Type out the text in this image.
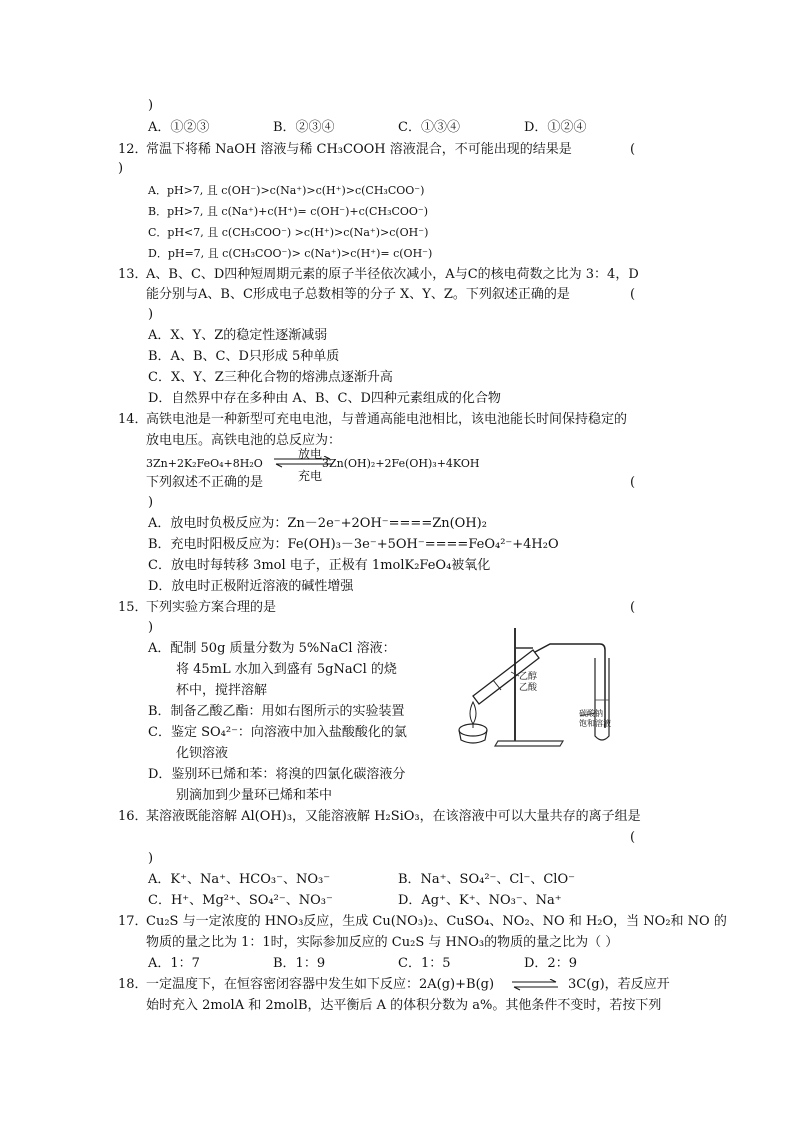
)
A．①②③	B．②③④	C．①③④	D．①②④
12．
常温下将稀 NaOH 溶液与稀 CH₃COOH 溶液混合，不可能出现的结果是	(
)
A．pH>7, 且 c(OH⁻)>c(Na⁺)>c(H⁺)>c(CH₃COO⁻)
B．pH>7, 且 c(Na⁺)+c(H⁺)= c(OH⁻)+c(CH₃COO⁻)
C．pH<7, 且 c(CH₃COO⁻) >c(H⁺)>c(Na⁺)>c(OH⁻)
D．pH=7, 且 c(CH₃COO⁻)> c(Na⁺)>c(H⁺)= c(OH⁻)
13．
A、B、C、D四种短周期元素的原子半径依次减小，A与C的核电荷数之比为 3：4，D
能分别与A、B、C形成电子总数相等的分子 X、Y、Z。下列叙述正确的是	(
)
A．X、Y、Z的稳定性逐渐减弱
B．A、B、C、D只形成 5种单质
C．X、Y、Z三种化合物的熔沸点逐渐升高
D．自然界中存在多种由 A、B、C、D四种元素组成的化合物
14．
高铁电池是一种新型可充电电池，与普通高能电池相比，该电池能长时间保持稳定的
放电电压。高铁电池的总反应为：
3Zn+2K₂FeO₄+8H₂O
放电
充电
3Zn(OH)₂+2Fe(OH)₃+4KOH
下列叙述不正确的是	(
)
A．放电时负极反应为：Zn－2e⁻+2OH⁻====Zn(OH)₂
B．充电时阳极反应为：Fe(OH)₃－3e⁻+5OH⁻====FeO₄²⁻+4H₂O
C．放电时每转移 3mol 电子，正极有 1molK₂FeO₄被氧化
D．放电时正极附近溶液的碱性增强
15．
下列实验方案合理的是	(
)
A．配制 50g 质量分数为 5%NaCl 溶液：
将 45mL 水加入到盛有 5gNaCl 的烧
杯中，搅拌溶解
B．制备乙酸乙酯：用如右图所示的实验装置
C．鉴定 SO₄²⁻：向溶液中加入盐酸酸化的氯
化钡溶液
D．鉴别环已烯和苯：将溴的四氯化碳溶液分
别滴加到少量环已烯和苯中
乙醇
乙酸
碳酸钠
饱和溶液
16．
某溶液既能溶解 Al(OH)₃，又能溶液解 H₂SiO₃，在该溶液中可以大量共存的离子组是
(
)
A．K⁺、Na⁺、HCO₃⁻、NO₃⁻	B．Na⁺、SO₄²⁻、Cl⁻、ClO⁻
C．H⁺、Mg²⁺、SO₄²⁻、NO₃⁻	D．Ag⁺、K⁺、NO₃⁻、Na⁺
17．
Cu₂S 与一定浓度的 HNO₃反应，生成 Cu(NO₃)₂、CuSO₄、NO₂、NO 和 H₂O，当 NO₂和 NO 的
物质的量之比为 1：1时，实际参加反应的 Cu₂S 与 HNO₃的物质的量之比为（ ）
A．1：7	B．1：9	C．1：5	D．2：9
18．
一定温度下，在恒容密闭容器中发生如下反应：2A(g)+B(g)	3C(g)，若反应开
始时充入 2molA 和 2molB，达平衡后 A 的体积分数为 a%。其他条件不变时，若按下列
